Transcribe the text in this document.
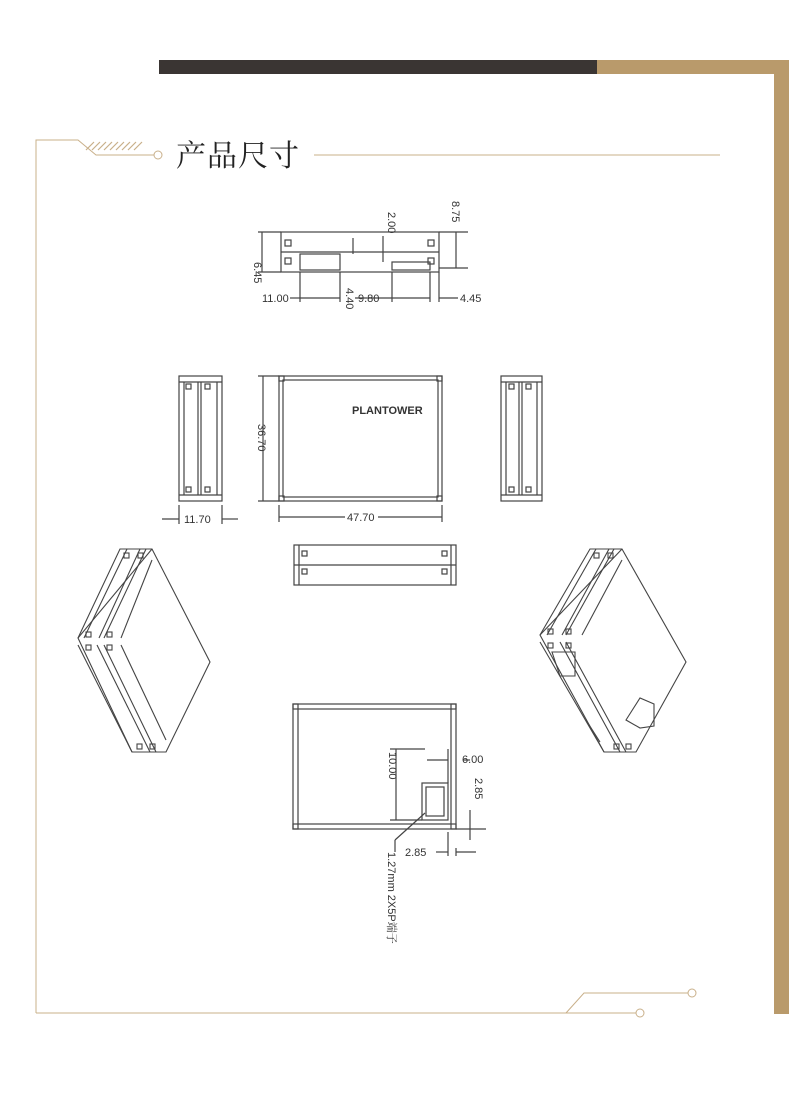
2.00
8.75
6.45
4.40
11.00	9.80	4.45
11.70
PLANTOWER
36.70
47.70
10.00	6.00
2.85
2.85
1.27mm 2X5P端子
产品尺寸
